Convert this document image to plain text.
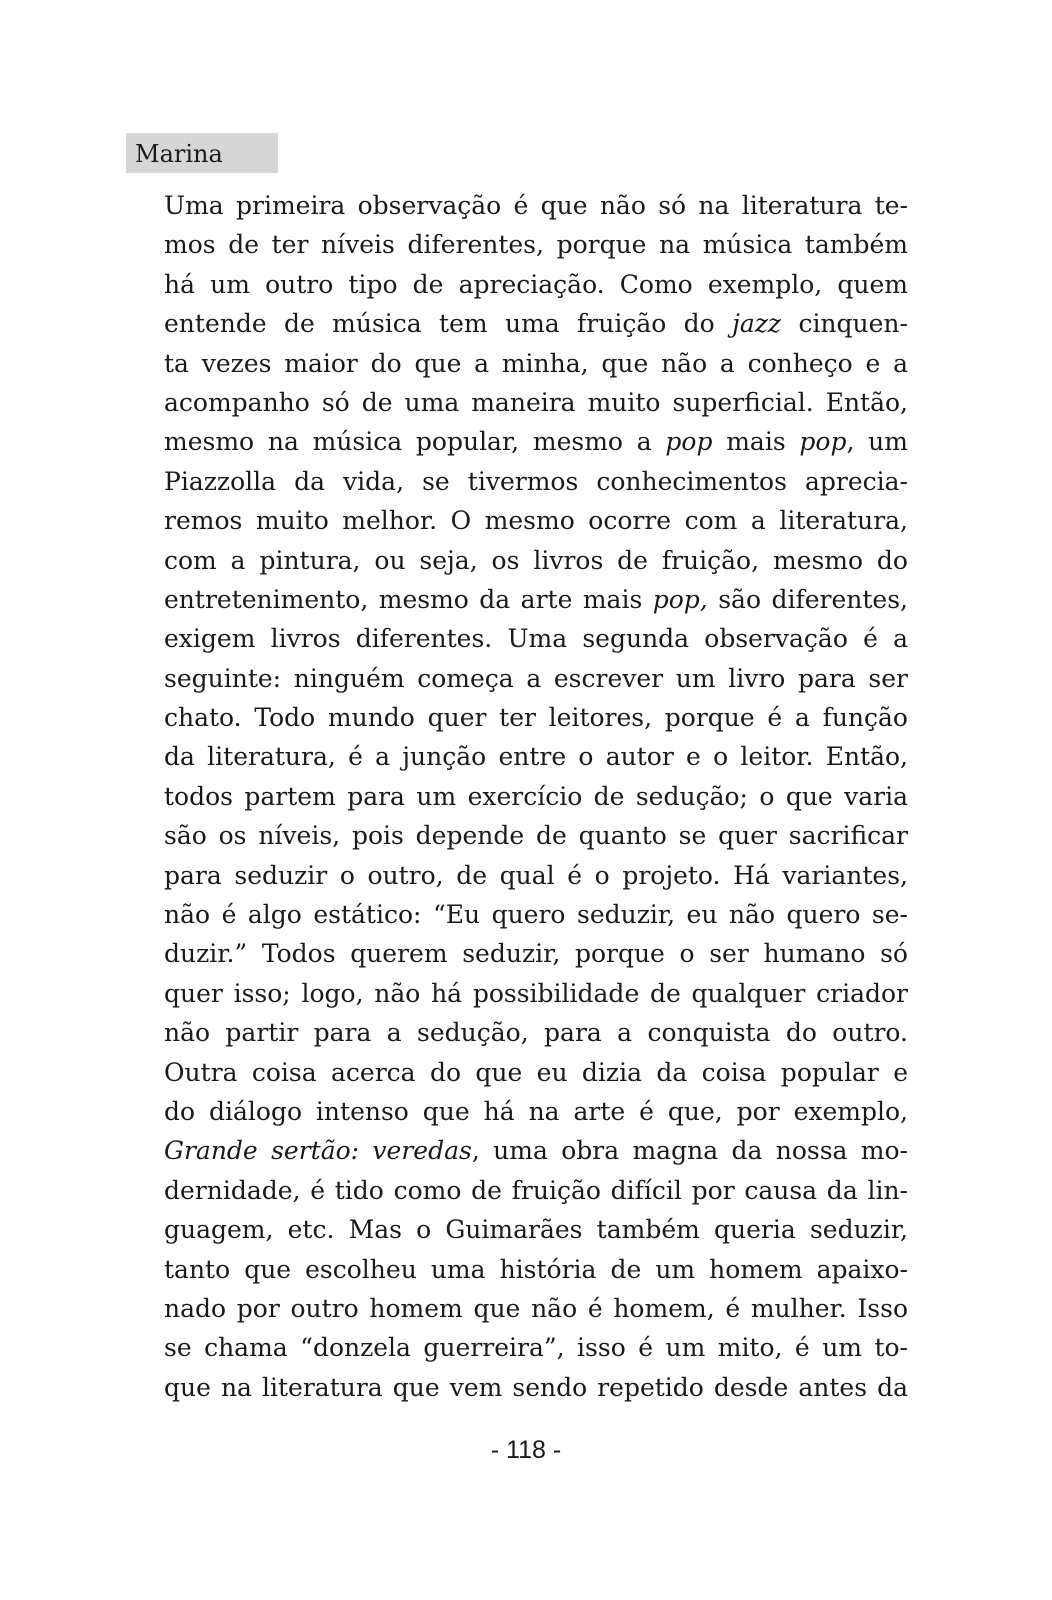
Marina
Uma primeira observação é que não só na literatura te-
mos de ter níveis diferentes, porque na música também
há um outro tipo de apreciação. Como exemplo, quem
entende de música tem uma fruição do jazz cinquen-
ta vezes maior do que a minha, que não a conheço e a
acompanho só de uma maneira muito superficial. Então,
mesmo na música popular, mesmo a pop mais pop, um
Piazzolla da vida, se tivermos conhecimentos aprecia-
remos muito melhor. O mesmo ocorre com a literatura,
com a pintura, ou seja, os livros de fruição, mesmo do
entretenimento, mesmo da arte mais pop, são diferentes,
exigem livros diferentes. Uma segunda observação é a
seguinte: ninguém começa a escrever um livro para ser
chato. Todo mundo quer ter leitores, porque é a função
da literatura, é a junção entre o autor e o leitor. Então,
todos partem para um exercício de sedução; o que varia
são os níveis, pois depende de quanto se quer sacrificar
para seduzir o outro, de qual é o projeto. Há variantes,
não é algo estático: “Eu quero seduzir, eu não quero se-
duzir.” Todos querem seduzir, porque o ser humano só
quer isso; logo, não há possibilidade de qualquer criador
não partir para a sedução, para a conquista do outro.
Outra coisa acerca do que eu dizia da coisa popular e
do diálogo intenso que há na arte é que, por exemplo,
Grande sertão: veredas, uma obra magna da nossa mo-
dernidade, é tido como de fruição difícil por causa da lin-
guagem, etc. Mas o Guimarães também queria seduzir,
tanto que escolheu uma história de um homem apaixo-
nado por outro homem que não é homem, é mulher. Isso
se chama “donzela guerreira”, isso é um mito, é um to-
que na literatura que vem sendo repetido desde antes da
- 118 -
